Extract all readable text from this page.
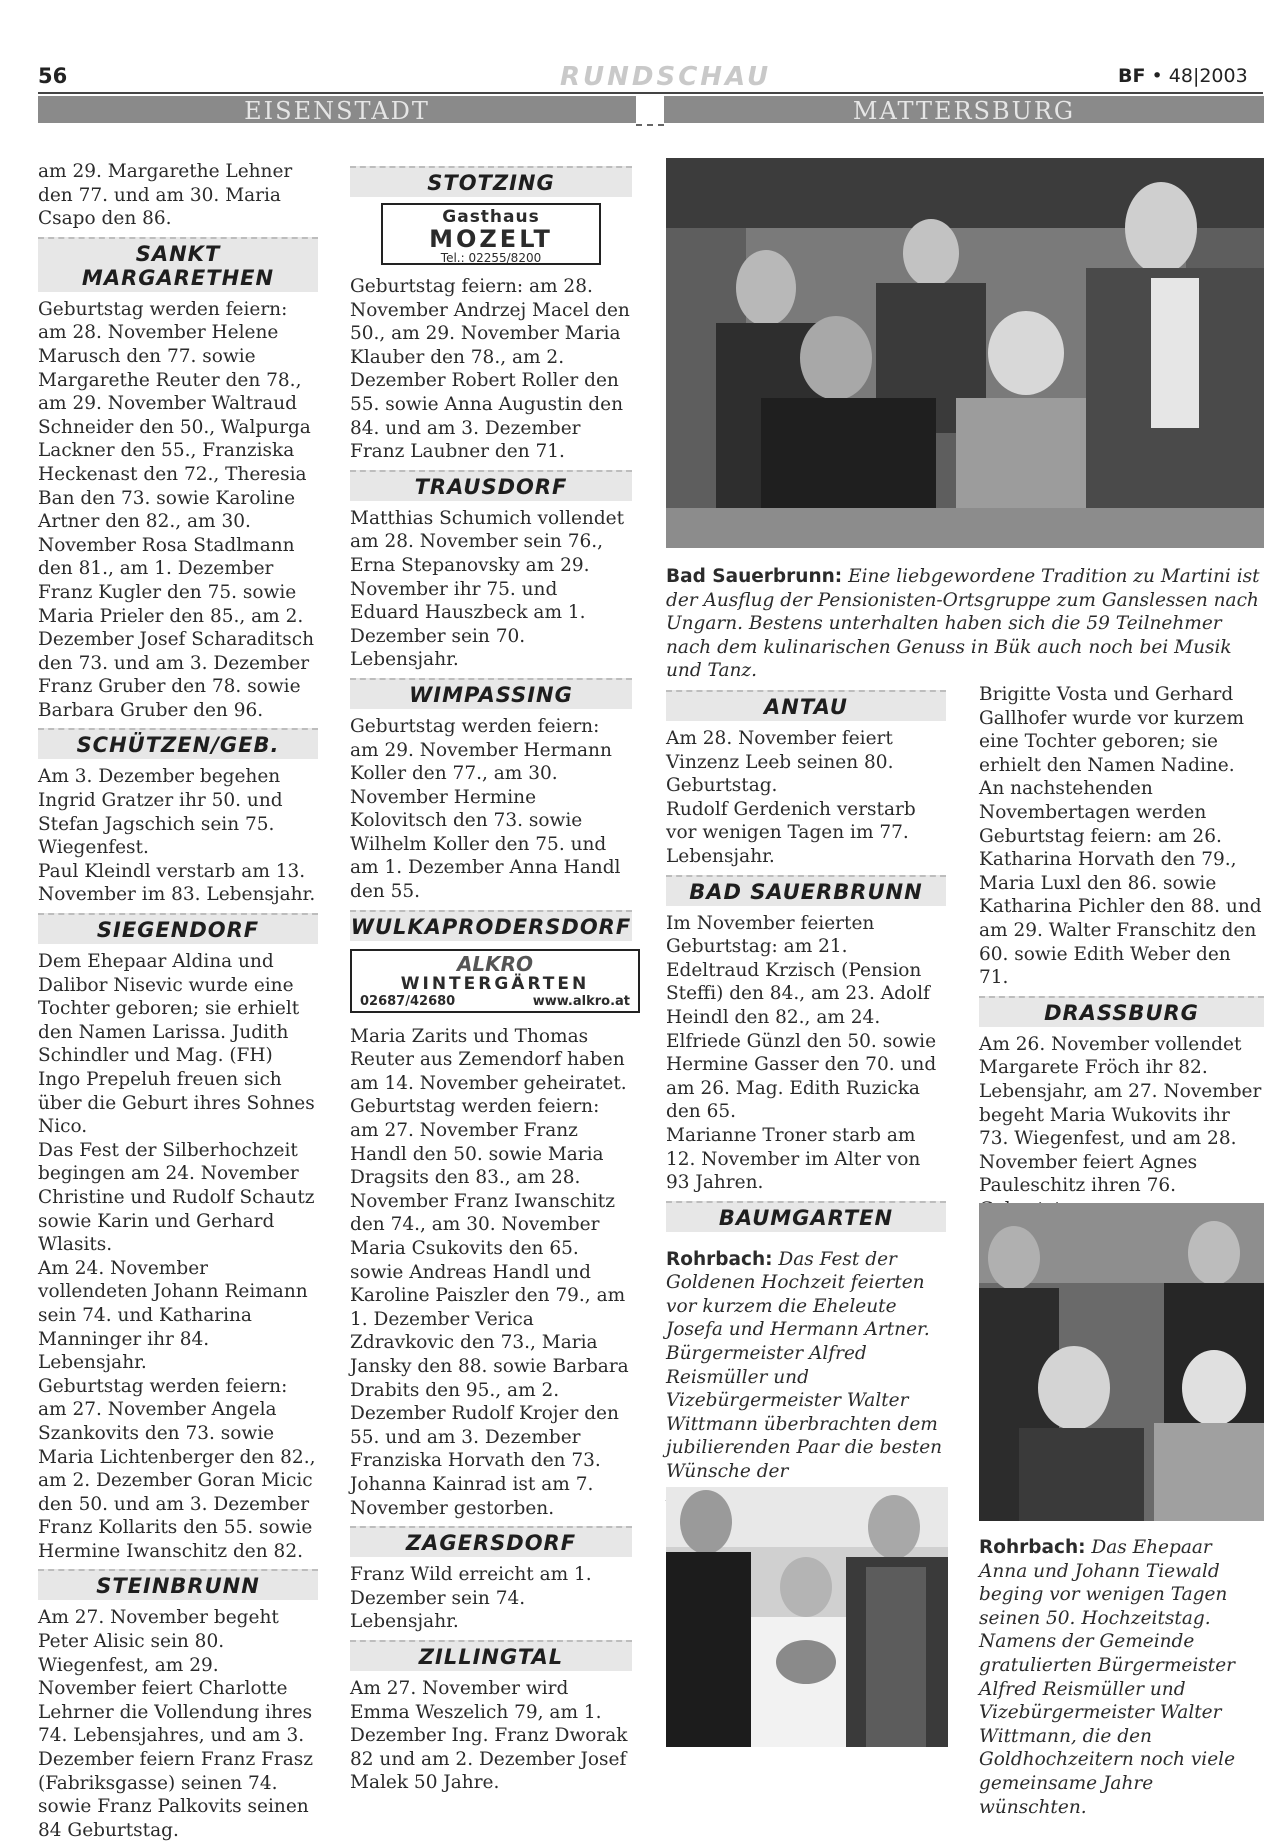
56	RUNDSCHAU	BF • 48|2003
EISENSTADT	MATTERSBURG

am 29. Margarethe Lehner den 77. und am 30. Maria Csapo den 86.

SANKT MARGARETHEN

Geburtstag werden feiern: am 28. November Helene Marusch den 77. sowie Margarethe Reuter den 78., am 29. November Waltraud Schneider den 50., Walpurga Lackner den 55., Franziska Heckenast den 72., Theresia Ban den 73. sowie Karoline Artner den 82., am 30. November Rosa Stadlmann den 81., am 1. Dezember Franz Kugler den 75. sowie Maria Prieler den 85., am 2. Dezember Josef Scharaditsch den 73. und am 3. Dezember Franz Gruber den 78. sowie Barbara Gruber den 96.

SCHÜTZEN/GEB.

Am 3. Dezember begehen Ingrid Gratzer ihr 50. und Stefan Jagschich sein 75. Wiegenfest.

Paul Kleindl verstarb am 13. November im 83. Lebensjahr.

SIEGENDORF

Dem Ehepaar Aldina und Dalibor Nisevic wurde eine Tochter geboren; sie erhielt den Namen Larissa. Judith Schindler und Mag. (FH) Ingo Prepeluh freuen sich über die Geburt ihres Sohnes Nico.

Das Fest der Silberhochzeit begingen am 24. November Christine und Rudolf Schautz sowie Karin und Gerhard Wlasits.

Am 24. November vollendeten Johann Reimann sein 74. und Katharina Manninger ihr 84. Lebensjahr.

Geburtstag werden feiern: am 27. November Angela Szankovits den 73. sowie Maria Lichtenberger den 82., am 2. Dezember Goran Micic den 50. und am 3. Dezember Franz Kollarits den 55. sowie Hermine Iwanschitz den 82.

STEINBRUNN

Am 27. November begeht Peter Alisic sein 80. Wiegenfest, am 29. November feiert Charlotte Lehrner die Vollendung ihres 74. Lebensjahres, und am 3. Dezember feiern Franz Frasz (Fabriksgasse) seinen 74. sowie Franz Palkovits seinen 84 Geburtstag.

STOTZING
Gasthaus
MOZELT
Tel.: 02255/8200

Geburtstag feiern: am 28. November Andrzej Macel den 50., am 29. November Maria Klauber den 78., am 2. Dezember Robert Roller den 55. sowie Anna Augustin den 84. und am 3. Dezember Franz Laubner den 71.

TRAUSDORF

Matthias Schumich vollendet am 28. November sein 76., Erna Stepanovsky am 29. November ihr 75. und Eduard Hauszbeck am 1. Dezember sein 70. Lebensjahr.

WIMPASSING

Geburtstag werden feiern: am 29. November Hermann Koller den 77., am 30. November Hermine Kolovitsch den 73. sowie Wilhelm Koller den 75. und am 1. Dezember Anna Handl den 55.

WULKAPRODERSDORF
ALKRO
WINTERGÄRTEN
02687/42680	www.alkro.at

Maria Zarits und Thomas Reuter aus Zemendorf haben am 14. November geheiratet.

Geburtstag werden feiern: am 27. November Franz Handl den 50. sowie Maria Dragsits den 83., am 28. November Franz Iwanschitz den 74., am 30. November Maria Csukovits den 65. sowie Andreas Handl und Karoline Paiszler den 79., am 1. Dezember Verica Zdravkovic den 73., Maria Jansky den 88. sowie Barbara Drabits den 95., am 2. Dezember Rudolf Krojer den 55. und am 3. Dezember Franziska Horvath den 73.

Johanna Kainrad ist am 7. November gestorben.

ZAGERSDORF

Franz Wild erreicht am 1. Dezember sein 74. Lebensjahr.

ZILLINGTAL

Am 27. November wird Emma Weszelich 79, am 1. Dezember Ing. Franz Dworak 82 und am 2. Dezember Josef Malek 50 Jahre.

Bad Sauerbrunn: Eine liebgewordene Tradition zu Martini ist der Ausflug der Pensionisten-Ortsgruppe zum Ganslessen nach Ungarn. Bestens unterhalten haben sich die 59 Teilnehmer nach dem kulinarischen Genuss in Bük auch noch bei Musik und Tanz.
ANTAU

Am 28. November feiert Vinzenz Leeb seinen 80. Geburtstag.

Rudolf Gerdenich verstarb vor wenigen Tagen im 77. Lebensjahr.

BAD SAUERBRUNN

Im November feierten Geburtstag: am 21. Edeltraud Krzisch (Pension Steffi) den 84., am 23. Adolf Heindl den 82., am 24. Elfriede Günzl den 50. sowie Hermine Gasser den 70. und am 26. Mag. Edith Ruzicka den 65.

Marianne Troner starb am 12. November im Alter von 93 Jahren.

BAUMGARTEN
Rohrbach: Das Fest der Goldenen Hochzeit feierten vor kurzem die Eheleute Josefa und Hermann Artner. Bürgermeister Alfred Reismüller und Vizebürgermeister Walter Wittmann überbrachten dem jubilierenden Paar die besten Wünsche der

Brigitte Vosta und Gerhard Gallhofer wurde vor kurzem eine Tochter geboren; sie erhielt den Namen Nadine.

An nachstehenden Novembertagen werden Geburtstag feiern: am 26. Katharina Horvath den 79., Maria Luxl den 86. sowie Katharina Pichler den 88. und am 29. Walter Franschitz den 60. sowie Edith Weber den 71.

DRASSBURG

Am 26. November vollendet Margarete Fröch ihr 82. Lebensjahr, am 27. November begeht Maria Wukovits ihr 73. Wiegenfest, und am 28. November feiert Agnes Pauleschitz ihren 76.

Rohrbach: Das Ehepaar Anna und Johann Tiewald beging vor wenigen Tagen seinen 50. Hochzeitstag. Namens der Gemeinde gratulierten Bürgermeister Alfred Reismüller und Vizebürgermeister Walter Wittmann, die den Goldhochzeitern noch viele gemeinsame Jahre wünschten.
